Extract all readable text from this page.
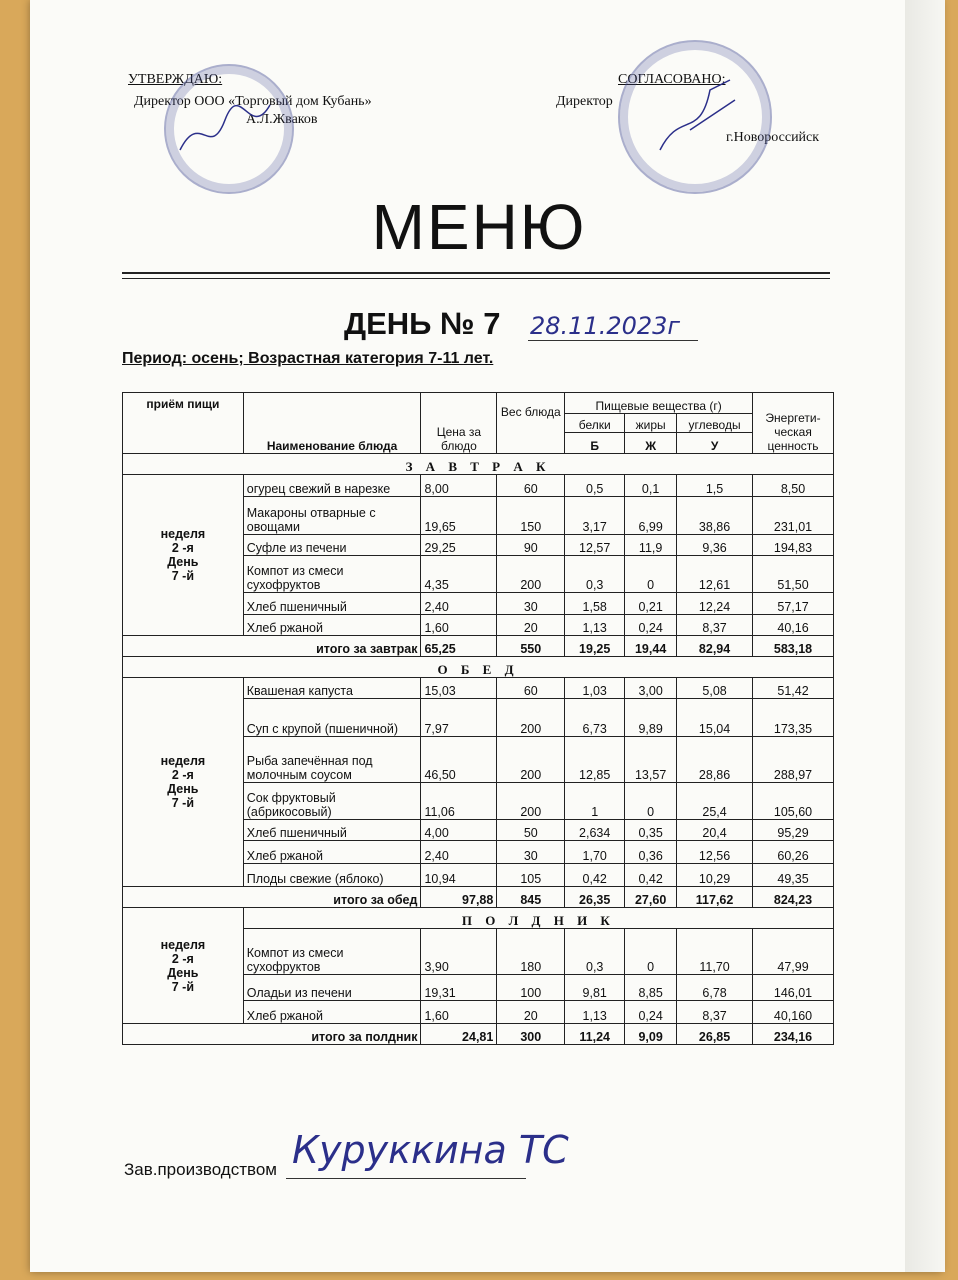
УТВЕРЖДАЮ:
Директор ООО «Торговый дом Кубань»
А.Л.Жваков
СОГЛАСОВАНО:
Директор
г.Новороссийск
МЕНЮ
ДЕНЬ № 7 28.11.2023г
Период: осень; Возрастная категория 7-11 лет.
приём пищи	Наименование блюда	Цена за блюдо	Вес блюда	Пищевые вещества (г)			Энергети-ческая ценность
				белки	жиры	углеводы	
				Б	Ж	У	
З А В Т Р А К							

неделя
2 -я
День
7 -й	огурец свежий в нарезке	8,00	60	0,5	0,1	1,5	8,50
	Макароны отварные с овощами	19,65	150	3,17	6,99	38,86	231,01
	Суфле из печени	29,25	90	12,57	11,9	9,36	194,83
	Компот из смеси сухофруктов	4,35	200	0,3	0	12,61	51,50
	Хлеб пшеничный	2,40	30	1,58	0,21	12,24	57,17
	Хлеб ржаной	1,60	20	1,13	0,24	8,37	40,16
итого за завтрак		65,25	550	19,25	19,44	82,94	583,18
О Б Е Д							

неделя
2 -я
День
7 -й	Квашеная капуста	15,03	60	1,03	3,00	5,08	51,42
	Суп с крупой (пшеничной)	7,97	200	6,73	9,89	15,04	173,35
	Рыба запечённая под молочным соусом	46,50	200	12,85	13,57	28,86	288,97
	Сок фруктовый (абрикосовый)	11,06	200	1	0	25,4	105,60
	Хлеб пшеничный	4,00	50	2,634	0,35	20,4	95,29
	Хлеб ржаной	2,40	30	1,70	0,36	12,56	60,26
	Плоды свежие (яблоко)	10,94	105	0,42	0,42	10,29	49,35
итого за обед		97,88	845	26,35	27,60	117,62	824,23

неделя
2 -я
День
7 -й	П О Л Д Н И К						
	Компот из смеси сухофруктов	3,90	180	0,3	0	11,70	47,99
	Оладьи из печени	19,31	100	9,81	8,85	6,78	146,01
	Хлеб ржаной	1,60	20	1,13	0,24	8,37	40,160
итого за полдник		24,81	300	11,24	9,09	26,85	234,16
Зав.производством Куруккина ТС
